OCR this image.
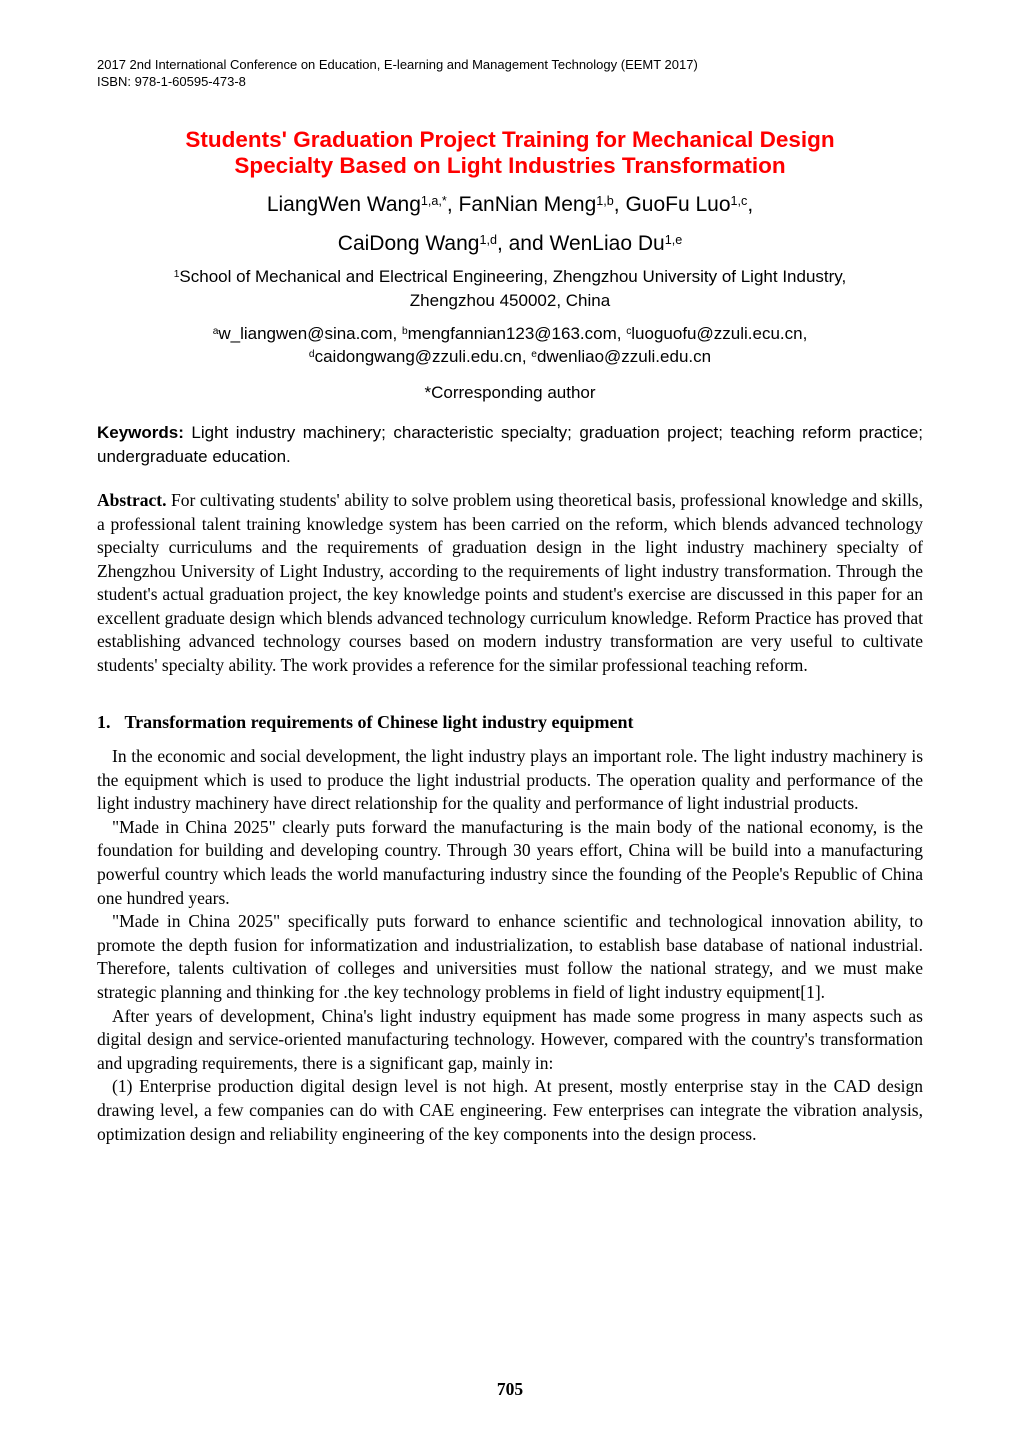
2017 2nd International Conference on Education, E-learning and Management Technology (EEMT 2017)
ISBN: 978-1-60595-473-8
Students' Graduation Project Training for Mechanical Design
Specialty Based on Light Industries Transformation
LiangWen Wang$^{1,a,*}$, FanNian Meng$^{1,b}$, GuoFu Luo$^{1,c}$,
CaiDong Wang$^{1,d}$, and WenLiao Du$^{1,e}$
$^1$School of Mechanical and Electrical Engineering, Zhengzhou University of Light Industry,
Zhengzhou 450002, China
$^a$w_liangwen@sina.com, $^b$mengfannian123@163.com, $^c$luoguofu@zzuli.ecu.cn,
$^d$caidongwang@zzuli.edu.cn, $^e$dwenliao@zzuli.edu.cn
*Corresponding author

Keywords: Light industry machinery; characteristic specialty; graduation project; teaching reform practice; undergraduate education.

Abstract. For cultivating students' ability to solve problem using theoretical basis, professional knowledge and skills, a professional talent training knowledge system has been carried on the reform, which blends advanced technology specialty curriculums and the requirements of graduation design in the light industry machinery specialty of Zhengzhou University of Light Industry, according to the requirements of light industry transformation. Through the student's actual graduation project, the key knowledge points and student's exercise are discussed in this paper for an excellent graduate design which blends advanced technology curriculum knowledge. Reform Practice has proved that establishing advanced technology courses based on modern industry transformation are very useful to cultivate students' specialty ability. The work provides a reference for the similar professional teaching reform.

1. Transformation requirements of Chinese light industry equipment

In the economic and social development, the light industry plays an important role. The light industry machinery is the equipment which is used to produce the light industrial products. The operation quality and performance of the light industry machinery have direct relationship for the quality and performance of light industrial products.

"Made in China 2025" clearly puts forward the manufacturing is the main body of the national economy, is the foundation for building and developing country. Through 30 years effort, China will be build into a manufacturing powerful country which leads the world manufacturing industry since the founding of the People's Republic of China one hundred years.

"Made in China 2025" specifically puts forward to enhance scientific and technological innovation ability, to promote the depth fusion for informatization and industrialization, to establish base database of national industrial. Therefore, talents cultivation of colleges and universities must follow the national strategy, and we must make strategic planning and thinking for .the key technology problems in field of light industry equipment[1].

After years of development, China's light industry equipment has made some progress in many aspects such as digital design and service-oriented manufacturing technology. However, compared with the country's transformation and upgrading requirements, there is a significant gap, mainly in:

(1) Enterprise production digital design level is not high. At present, mostly enterprise stay in the CAD design drawing level, a few companies can do with CAE engineering. Few enterprises can integrate the vibration analysis, optimization design and reliability engineering of the key components into the design process.

705
